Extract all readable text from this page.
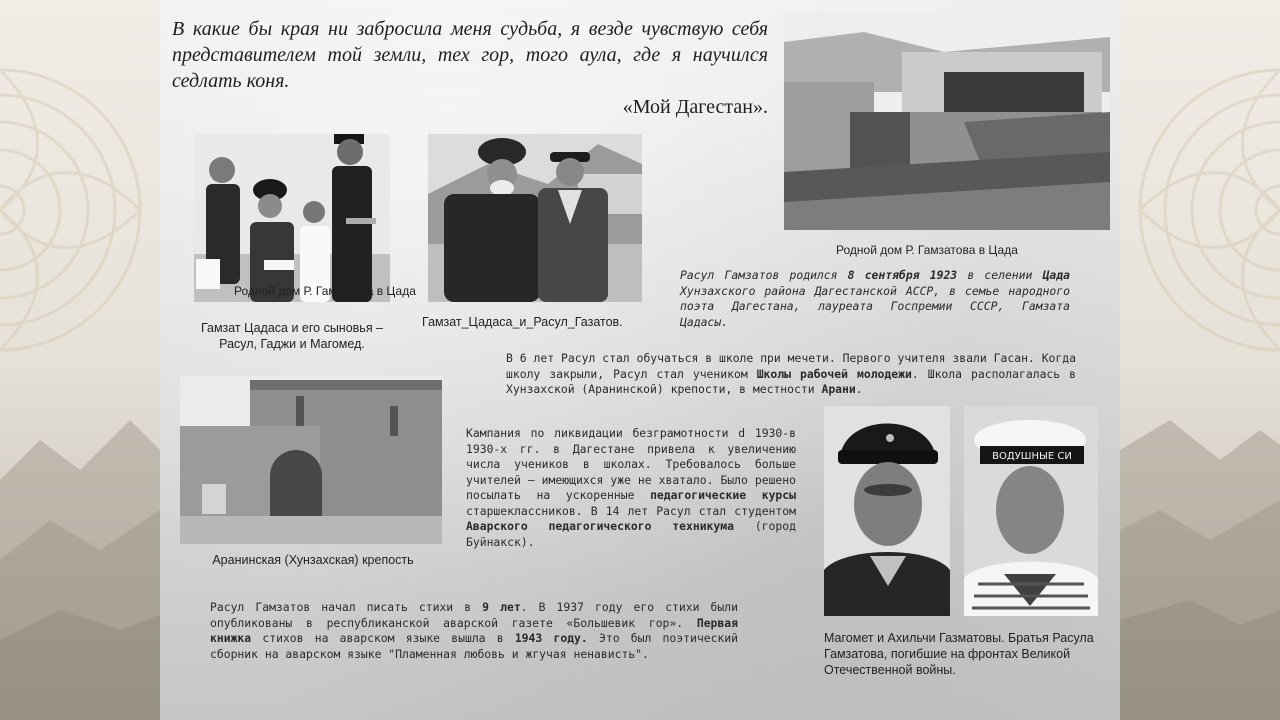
В какие бы края ни забросила меня судьба, я везде чувствую себя представителем той земли, тех гор, того аула, где я научился седлать коня.

«Мой Дагестан».
Родной дом Р. Гамзатова в Цада

Гамзат Цадаса и его сыновья – Расул, Гаджи и Магомед.

Гамзат_Цадаса_и_Расул_Газатов.

Родной дом Р. Гамзатова в Цада

Расул Гамзатов родился 8 сентября 1923 в селении Цада Хунзахского района Дагестанской АССР, в семье народного поэта Дагестана, лауреата Госпремии СССР, Гамзата Цадасы.

В 6 лет Расул стал обучаться в школе при мечети. Первого учителя звали Гасан. Когда школу закрыли, Расул стал учеником Школы рабочей молодежи. Школа располагалась в Хунзахской (Аранинской) крепости, в местности Арани.

Аранинская (Хунзахская) крепость

Кампания по ликвидации безграмотности d 1930-в 1930-х гг. в Дагестане привела к увеличению числа учеников в школах. Требовалось больше учителей – имеющихся уже не хватало. Было решено посылать на ускоренные педагогические курсы старшеклассников. В 14 лет Расул стал студентом Аварского педагогического техникума (город Буйнакск).

Расул Гамзатов начал писать стихи в 9 лет. В 1937 году его стихи были опубликованы в республиканской аварской газете «Большевик гор». Первая книжка стихов на аварском языке вышла в 1943 году. Это был поэтический сборник на аварском языке "Пламенная любовь и жгучая ненависть".

ВОДУШНЫЕ СИ

Магомет и Ахильчи Газматовы. Братья Расула Гамзатова, погибшие на фронтах Великой Отечественной войны.
